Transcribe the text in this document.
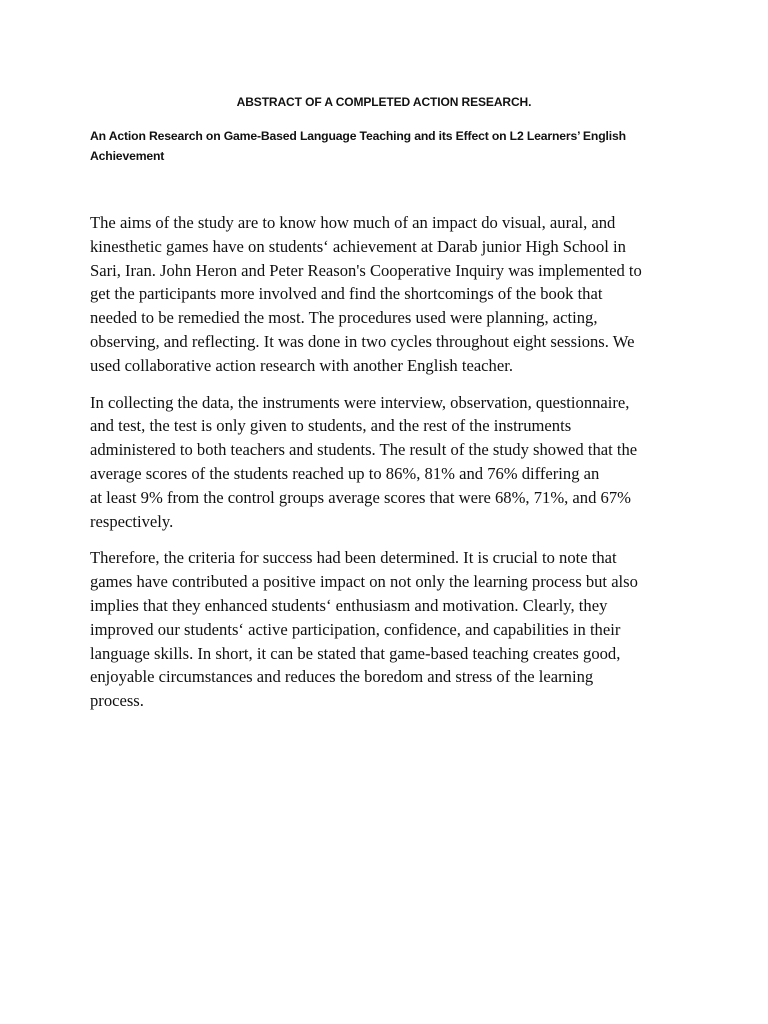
ABSTRACT OF A COMPLETED ACTION RESEARCH.
An Action Research on Game-Based Language Teaching and its Effect on L2 Learners’ English
Achievement

The aims of the study are to know how much of an impact do visual, aural, and
kinesthetic games have on students‘ achievement at Darab junior High School in
Sari, Iran. John Heron and Peter Reason's Cooperative Inquiry was implemented to
get the participants more involved and find the shortcomings of the book that
needed to be remedied the most. The procedures used were planning, acting,
observing, and reflecting. It was done in two cycles throughout eight sessions. We
used collaborative action research with another English teacher.

In collecting the data, the instruments were interview, observation, questionnaire,
and test, the test is only given to students, and the rest of the instruments
administered to both teachers and students. The result of the study showed that the
average scores of the students reached up to 86%, 81% and 76% differing an
at least 9% from the control groups average scores that were 68%, 71%, and 67%
respectively.

Therefore, the criteria for success had been determined. It is crucial to note that
games have contributed a positive impact on not only the learning process but also
implies that they enhanced students‘ enthusiasm and motivation. Clearly, they
improved our students‘ active participation, confidence, and capabilities in their
language skills. In short, it can be stated that game-based teaching creates good,
enjoyable circumstances and reduces the boredom and stress of the learning
process.
